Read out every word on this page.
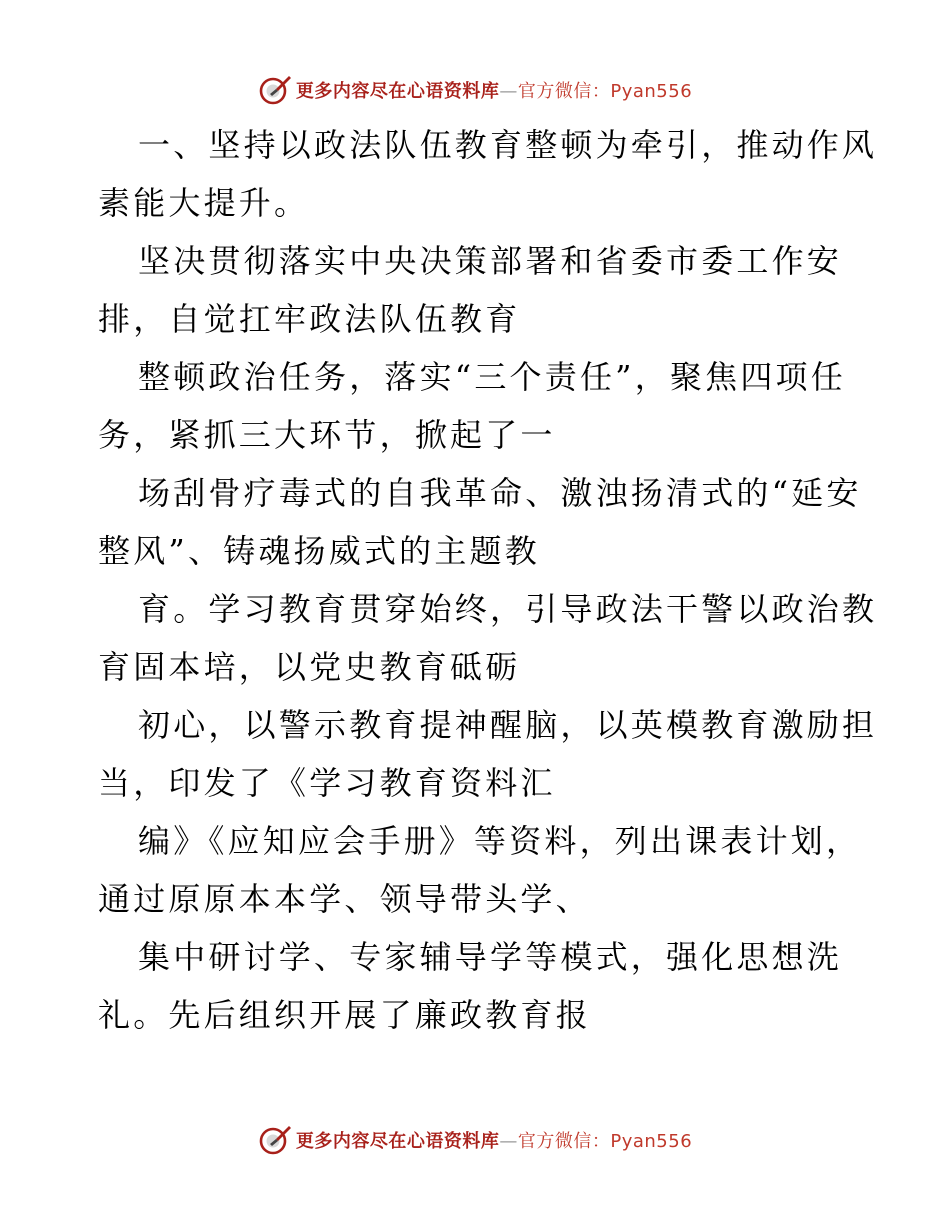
更多内容尽在心语资料库—官方微信：Pyan556
一、坚持以政法队伍教育整顿为牵引，推动作风
素能大提升。
坚决贯彻落实中央决策部署和省委市委工作安
排，自觉扛牢政法队伍教育
整顿政治任务，落实“三个责任”，聚焦四项任
务，紧抓三大环节，掀起了一
场刮骨疗毒式的自我革命、激浊扬清式的“延安
整风”、铸魂扬威式的主题教
育。学习教育贯穿始终，引导政法干警以政治教
育固本培，以党史教育砥砺
初心，以警示教育提神醒脑，以英模教育激励担
当，印发了《学习教育资料汇
编》《应知应会手册》等资料，列出课表计划，
通过原原本本学、领导带头学、
集中研讨学、专家辅导学等模式，强化思想洗
礼。先后组织开展了廉政教育报
更多内容尽在心语资料库—官方微信：Pyan556
